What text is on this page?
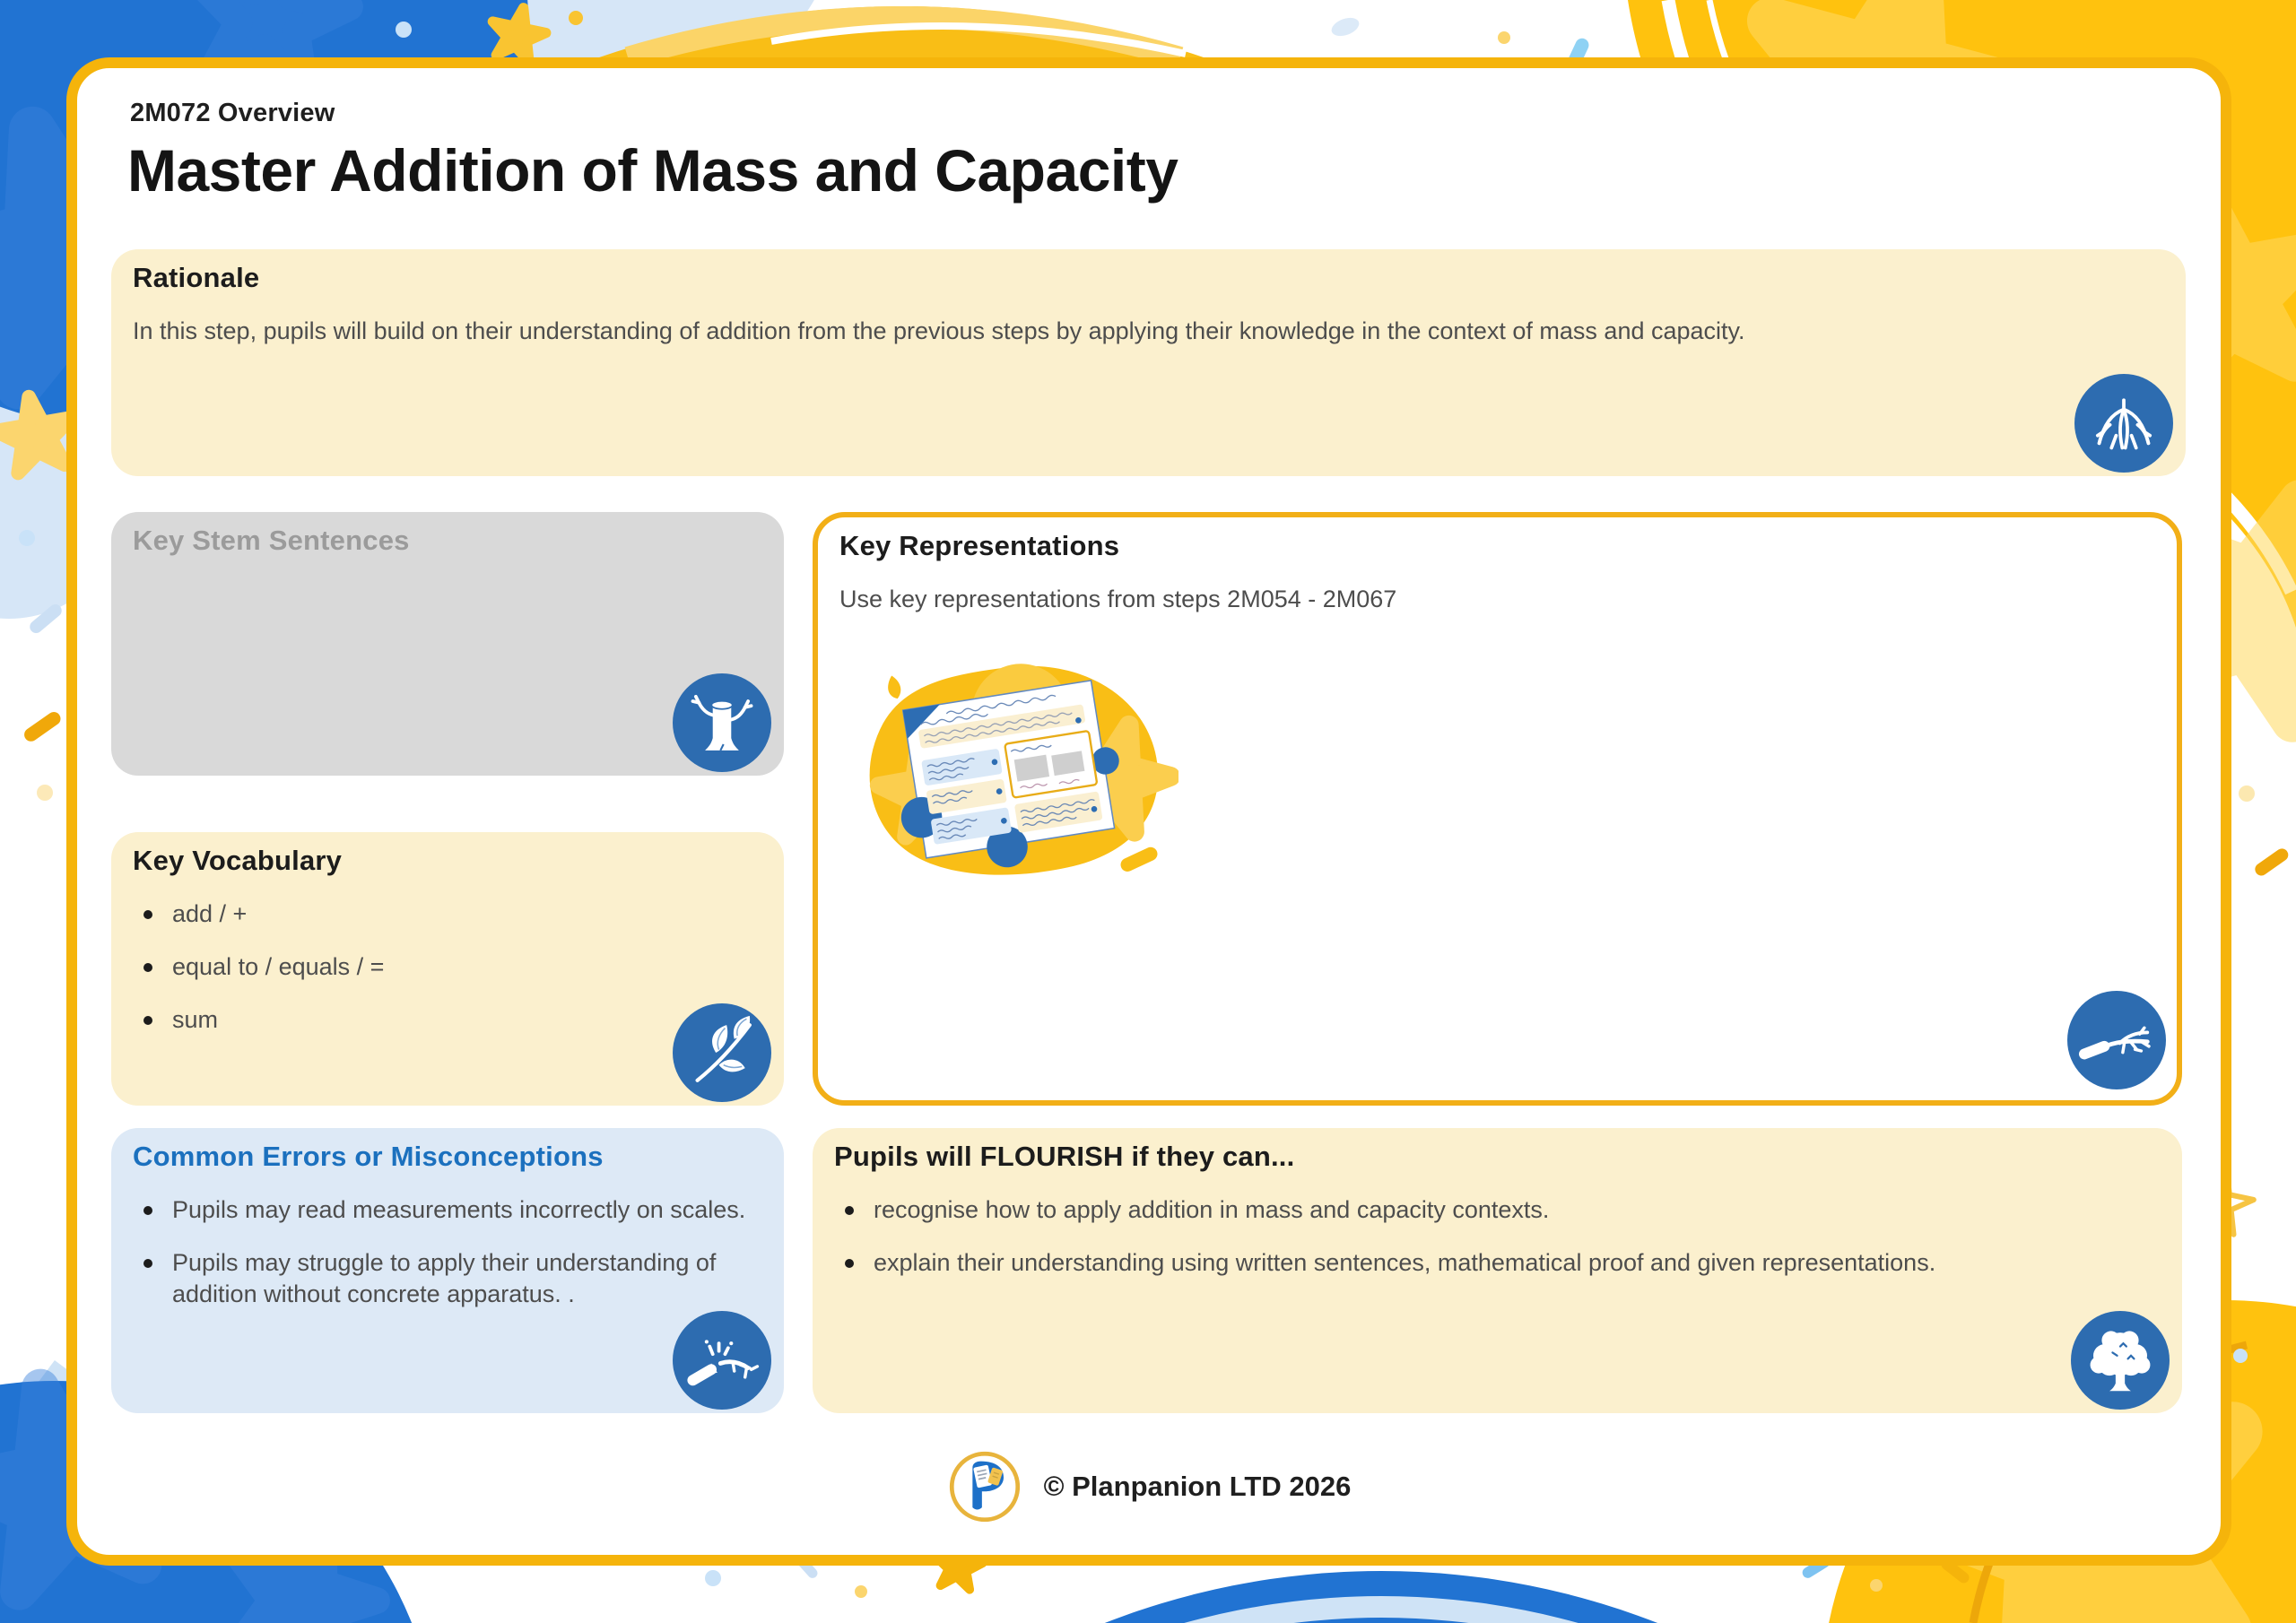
2M072 Overview
Master Addition of Mass and Capacity
Rationale
In this step, pupils will build on their understanding of addition from the previous steps by applying their knowledge in the context of mass and capacity.
Key Stem Sentences
Key Vocabulary
add / +
equal to / equals / =
sum
Key Representations
Use key representations from steps 2M054 - 2M067
Common Errors or Misconceptions
Pupils may read measurements incorrectly on scales.
Pupils may struggle to apply their understanding of addition without concrete apparatus. .
Pupils will FLOURISH if they can...
recognise how to apply addition in mass and capacity contexts.
explain their understanding using written sentences, mathematical proof and given representations.
© Planpanion LTD 2026
